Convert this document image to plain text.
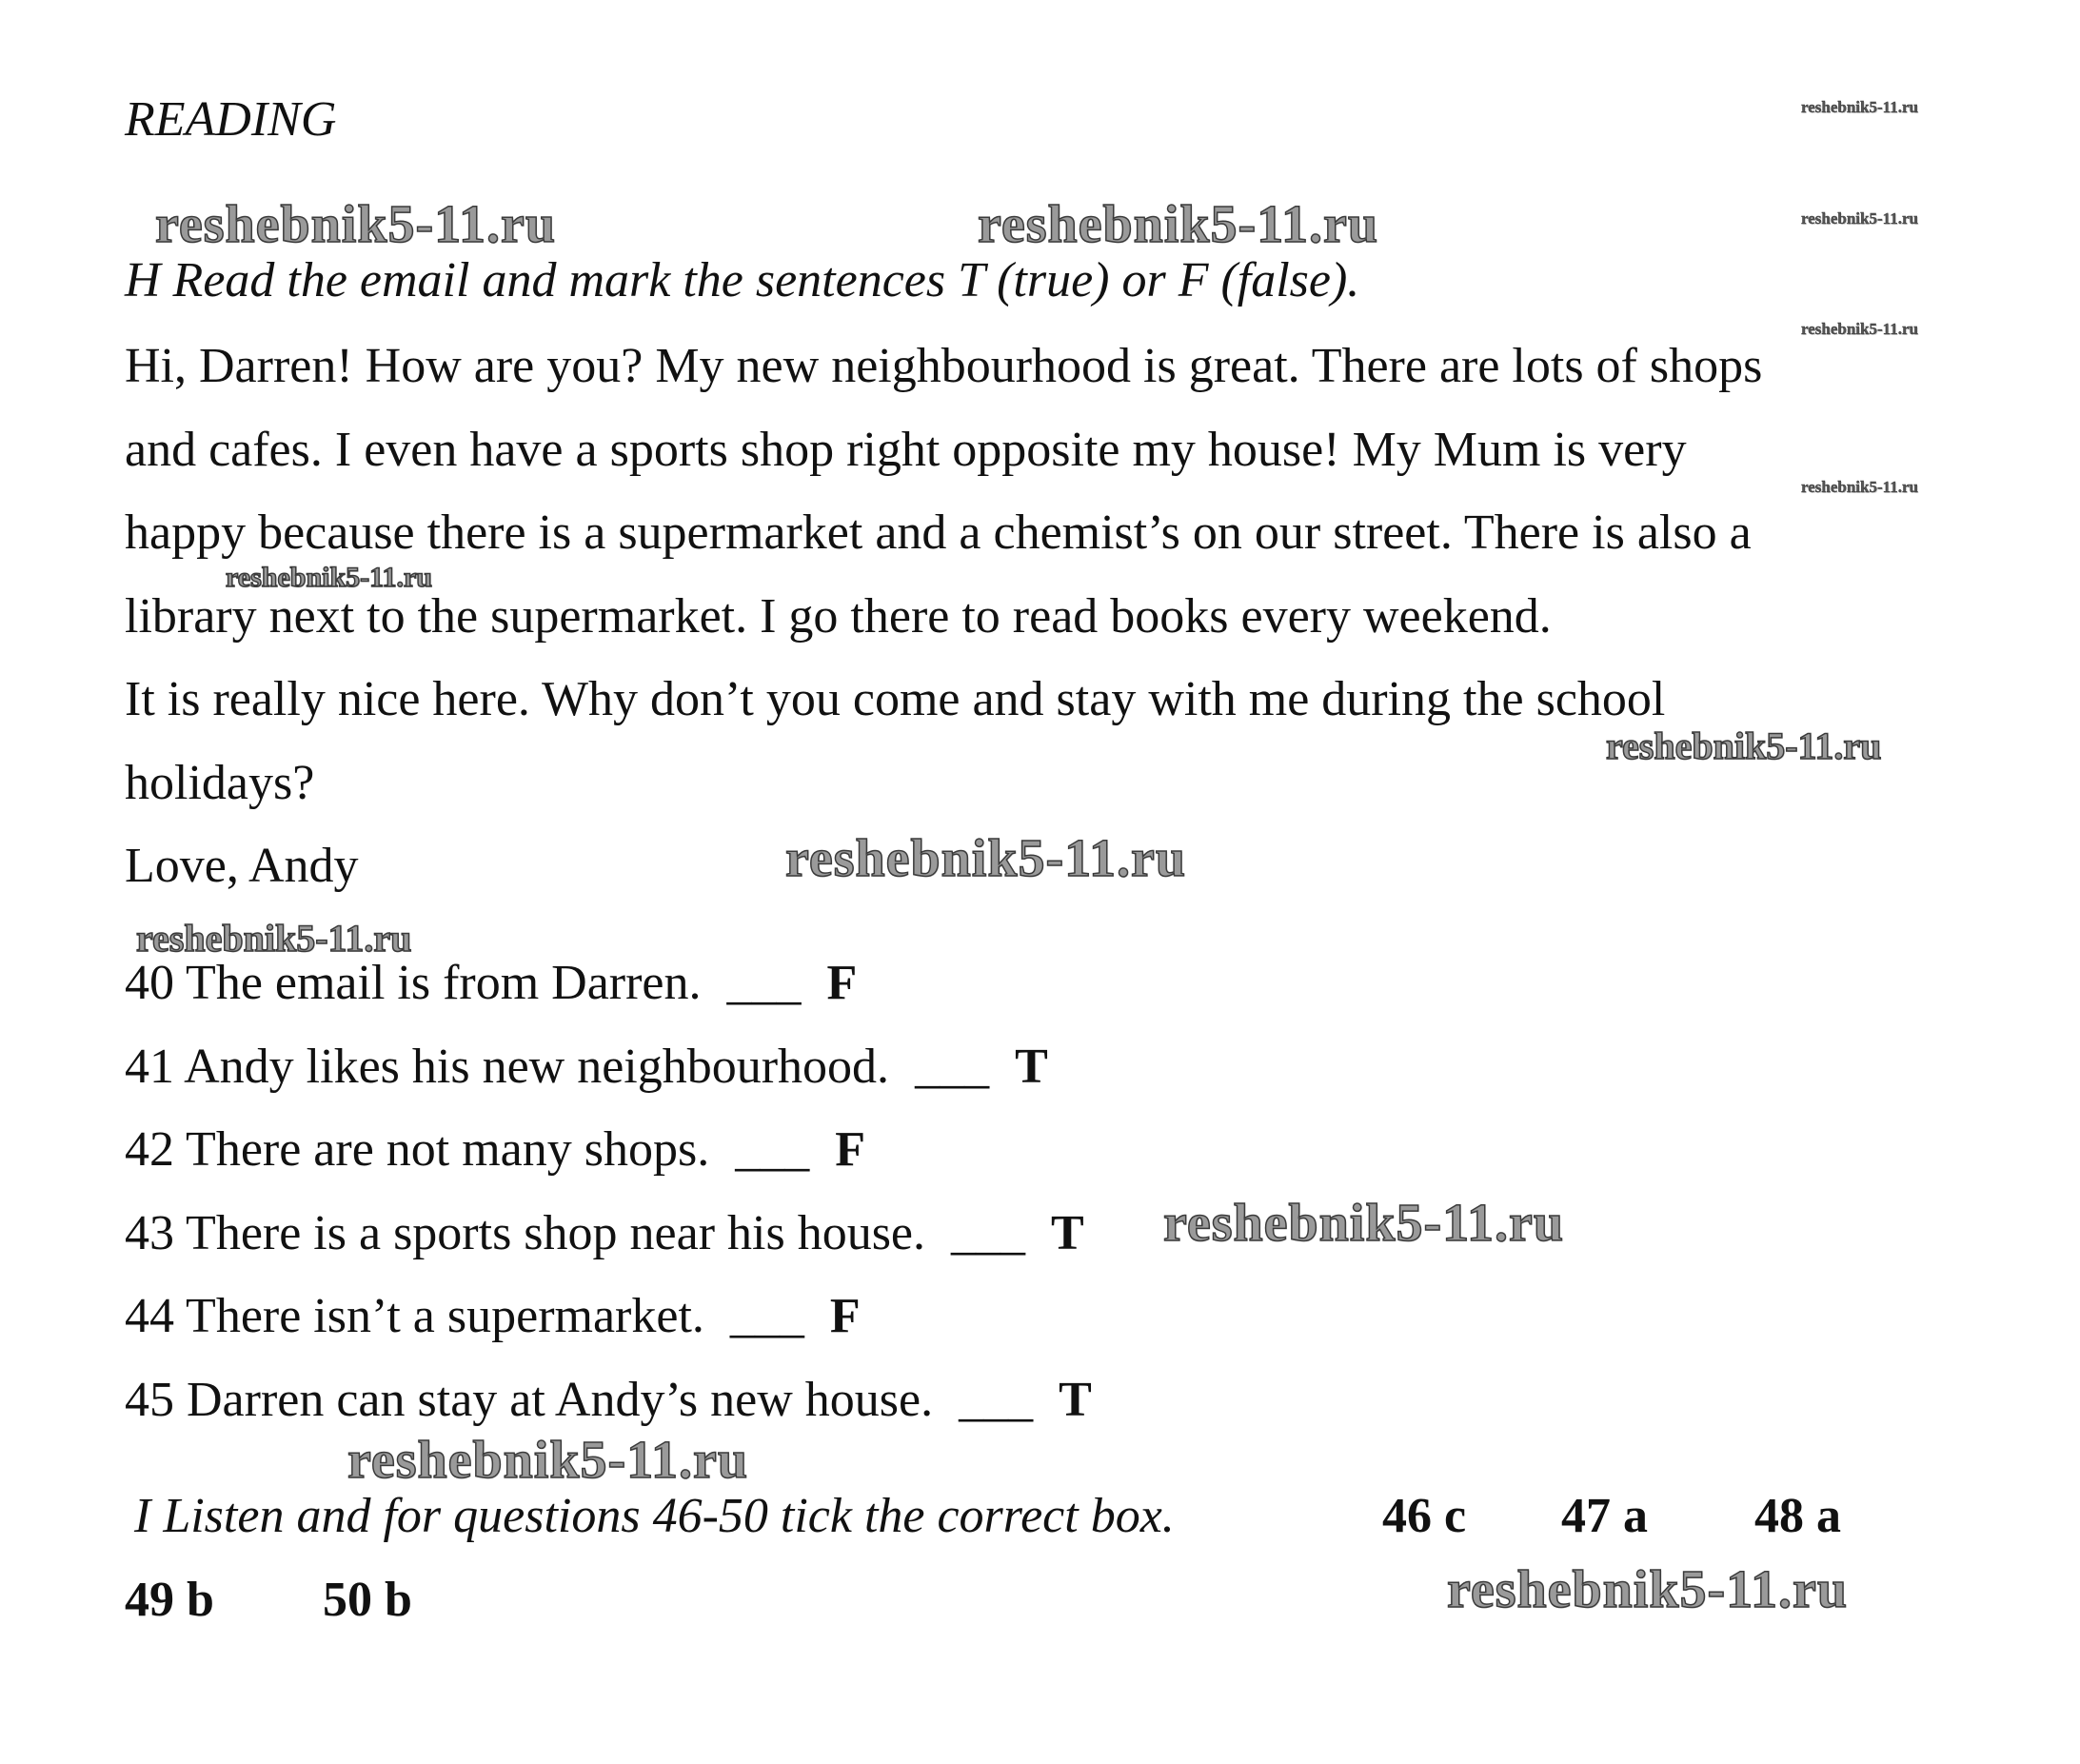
READING
H Read the email and mark the sentences T (true) or F (false).
Hi, Darren! How are you? My new neighbourhood is great. There are lots of shops
and cafes. I even have a sports shop right opposite my house! My Mum is very
happy because there is a supermarket and a chemist’s on our street. There is also a
library next to the supermarket. I go there to read books every weekend.
It is really nice here. Why don’t you come and stay with me during the school
holidays?
Love, Andy
40 The email is from Darren. ___ F
41 Andy likes his new neighbourhood. ___ T
42 There are not many shops. ___ F
43 There is a sports shop near his house. ___ T
44 There isn’t a supermarket. ___ F
45 Darren can stay at Andy’s new house. ___ T
I Listen and for questions 46-50 tick the correct box.	46 c 47 a 48 a
49 b 50 b
reshebnik5-11.ru
reshebnik5-11.ru	reshebnik5-11.ru	reshebnik5-11.ru
reshebnik5-11.ru
reshebnik5-11.ru
reshebnik5-11.ru
reshebnik5-11.ru
reshebnik5-11.ru
reshebnik5-11.ru
reshebnik5-11.ru
reshebnik5-11.ru
reshebnik5-11.ru
